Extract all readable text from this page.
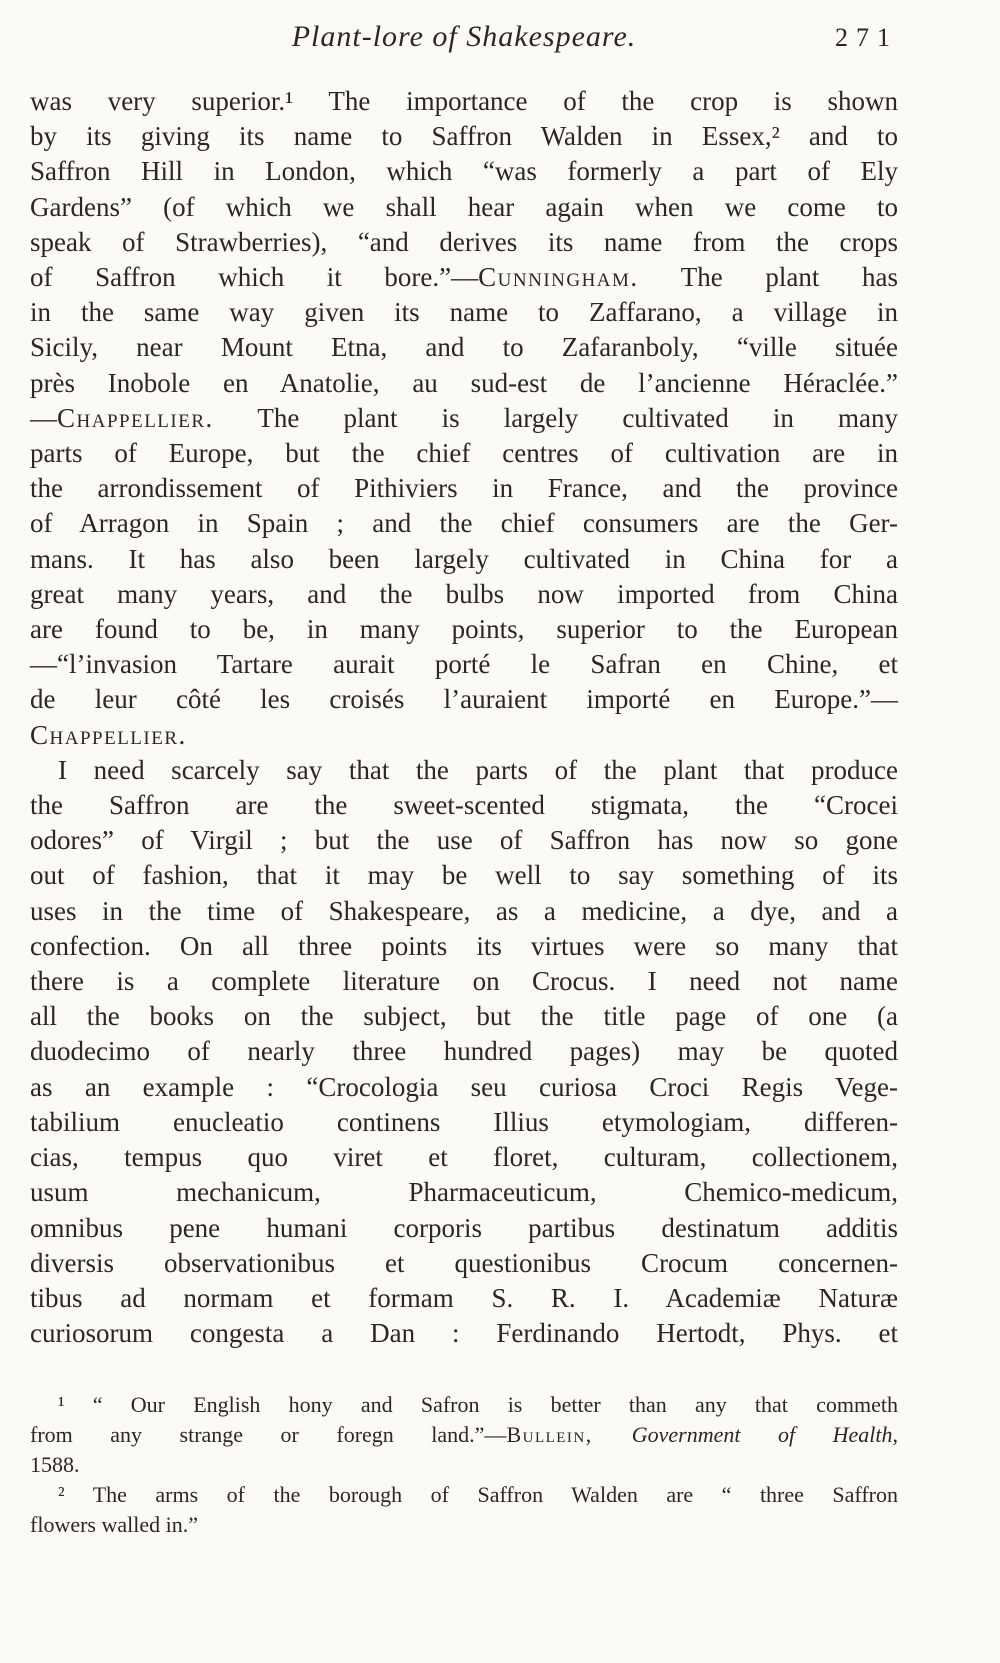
Plant-lore of Shakespeare.	271
was very superior.¹ The importance of the crop is shown
by its giving its name to Saffron Walden in Essex,² and to
Saffron Hill in London, which “was formerly a part of Ely
Gardens” (of which we shall hear again when we come to
speak of Strawberries), “and derives its name from the crops
of Saffron which it bore.”—Cunningham. The plant has
in the same way given its name to Zaffarano, a village in
Sicily, near Mount Etna, and to Zafaranboly, “ville située
près Inobole en Anatolie, au sud-est de l’ancienne Héraclée.”
—Chappellier. The plant is largely cultivated in many
parts of Europe, but the chief centres of cultivation are in
the arrondissement of Pithiviers in France, and the province
of Arragon in Spain ; and the chief consumers are the Ger-
mans. It has also been largely cultivated in China for a
great many years, and the bulbs now imported from China
are found to be, in many points, superior to the European
—“l’invasion Tartare aurait porté le Safran en Chine, et
de leur côté les croisés l’auraient importé en Europe.”—
Chappellier.
I need scarcely say that the parts of the plant that produce
the Saffron are the sweet-scented stigmata, the “Crocei
odores” of Virgil ; but the use of Saffron has now so gone
out of fashion, that it may be well to say something of its
uses in the time of Shakespeare, as a medicine, a dye, and a
confection. On all three points its virtues were so many that
there is a complete literature on Crocus. I need not name
all the books on the subject, but the title page of one (a
duodecimo of nearly three hundred pages) may be quoted
as an example : “Crocologia seu curiosa Croci Regis Vege-
tabilium enucleatio continens Illius etymologiam, differen-
cias, tempus quo viret et floret, culturam, collectionem,
usum mechanicum, Pharmaceuticum, Chemico-medicum,
omnibus pene humani corporis partibus destinatum additis
diversis observationibus et questionibus Crocum concernen-
tibus ad normam et formam S. R. I. Academiæ Naturæ
curiosorum congesta a Dan : Ferdinando Hertodt, Phys. et
¹ “ Our English hony and Safron is better than any that commeth
from any strange or foregn land.”—Bullein, Government of Health,
1588.
² The arms of the borough of Saffron Walden are “ three Saffron
flowers walled in.”
